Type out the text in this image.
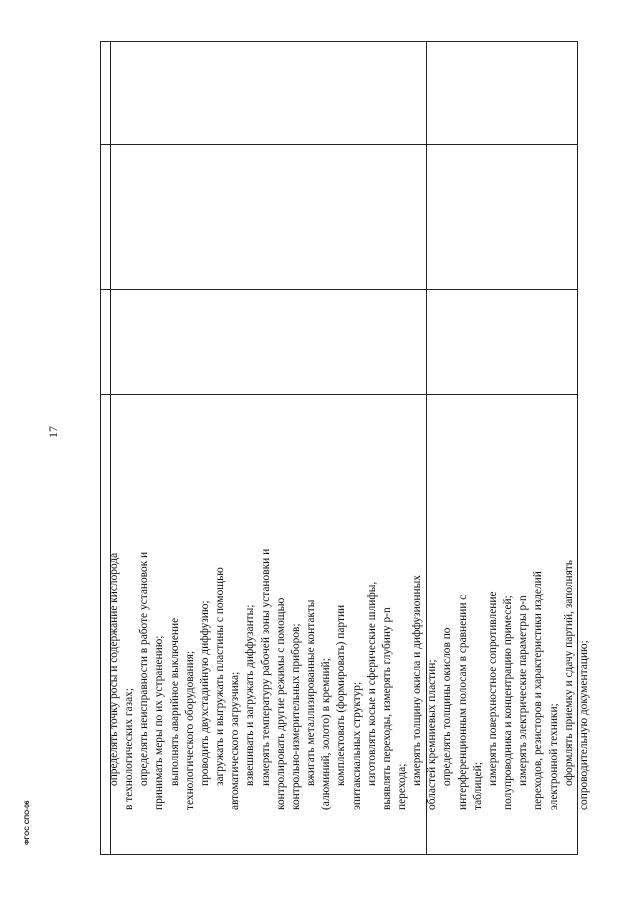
определять точку росы и содержание кислорода в технологических газах; определять неисправности в работе установок и принимать меры по их устранению; выполнять аварийное выключение технологического оборудования; проводить двухстадийную диффузию; загружать и выгружать пластины с помощью автоматического загрузчика; взвешивать и загружать диффузанты; измерять температуру рабочей зоны установки и контролировать другие режимы с помощью контрольно-измерительных приборов; вжигать металлизированные контакты (алюминий, золото) в кремний; комплектовать (формировать) партии эпитаксиальных структур; изготовлять косые и сферические шлифы, выявлять переходы, измерять глубину р-n перехода;
измерять толщину окисла и диффузионных областей кремниевых пластин; определять толщины окислов по интерференционным полосам в сравнении с таблицей;
измерять поверхностное сопротивление полупроводника и концентрацию примесей; измерять электрические параметры р-n переходов, резисторов и характеристики изделий электронной техники; оформлять приемку и сдачу партий, заполнять сопроводительную документацию;
17
ФГОС СПО-06
